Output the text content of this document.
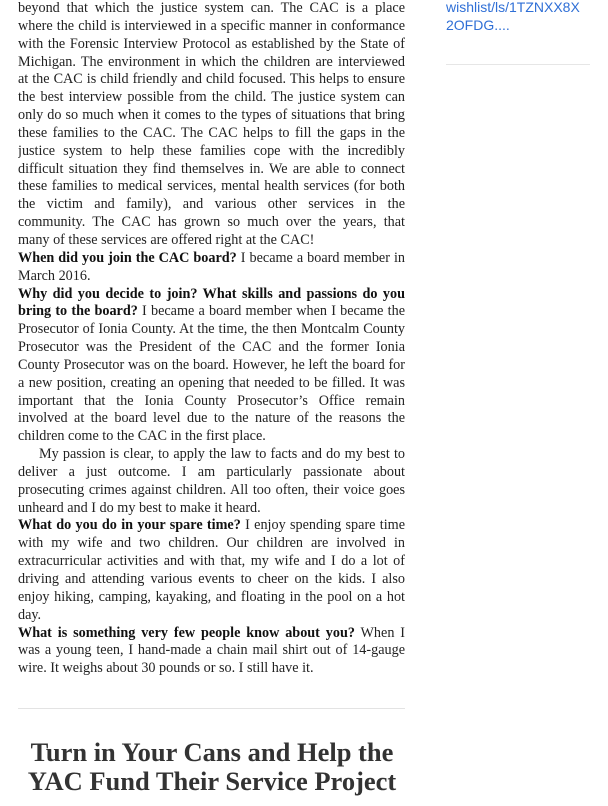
beyond that which the justice system can. The CAC is a place
where the child is interviewed in a specific manner in conformance
with the Forensic Interview Protocol as established by the State of
Michigan. The environment in which the children are interviewed
at the CAC is child friendly and child focused. This helps to ensure
the best interview possible from the child. The justice system can
only do so much when it comes to the types of situations that bring
these families to the CAC. The CAC helps to fill the gaps in the
justice system to help these families cope with the incredibly
difficult situation they find themselves in. We are able to connect
these families to medical services, mental health services (for both
the victim and family), and various other services in the
community. The CAC has grown so much over the years, that
many of these services are offered right at the CAC!
When did you join the CAC board? I became a board member in
March 2016.
Why did you decide to join? What skills and passions do you
bring to the board? I became a board member when I became the
Prosecutor of Ionia County. At the time, the then Montcalm County
Prosecutor was the President of the CAC and the former Ionia
County Prosecutor was on the board. However, he left the board for
a new position, creating an opening that needed to be filled. It was
important that the Ionia County Prosecutor’s Office remain
involved at the board level due to the nature of the reasons the
children come to the CAC in the first place.
My passion is clear, to apply the law to facts and do my best to
deliver a just outcome. I am particularly passionate about
prosecuting crimes against children. All too often, their voice goes
unheard and I do my best to make it heard.
What do you do in your spare time? I enjoy spending spare time
with my wife and two children. Our children are involved in
extracurricular activities and with that, my wife and I do a lot of
driving and attending various events to cheer on the kids. I also
enjoy hiking, camping, kayaking, and floating in the pool on a hot
day.
What is something very few people know about you? When I
was a young teen, I hand-made a chain mail shirt out of 14-gauge
wire. It weighs about 30 pounds or so. I still have it.
Turn in Your Cans and Help the
YAC Fund Their Service Project
wishlist/ls/1TZNXX8X
2OFDG....
